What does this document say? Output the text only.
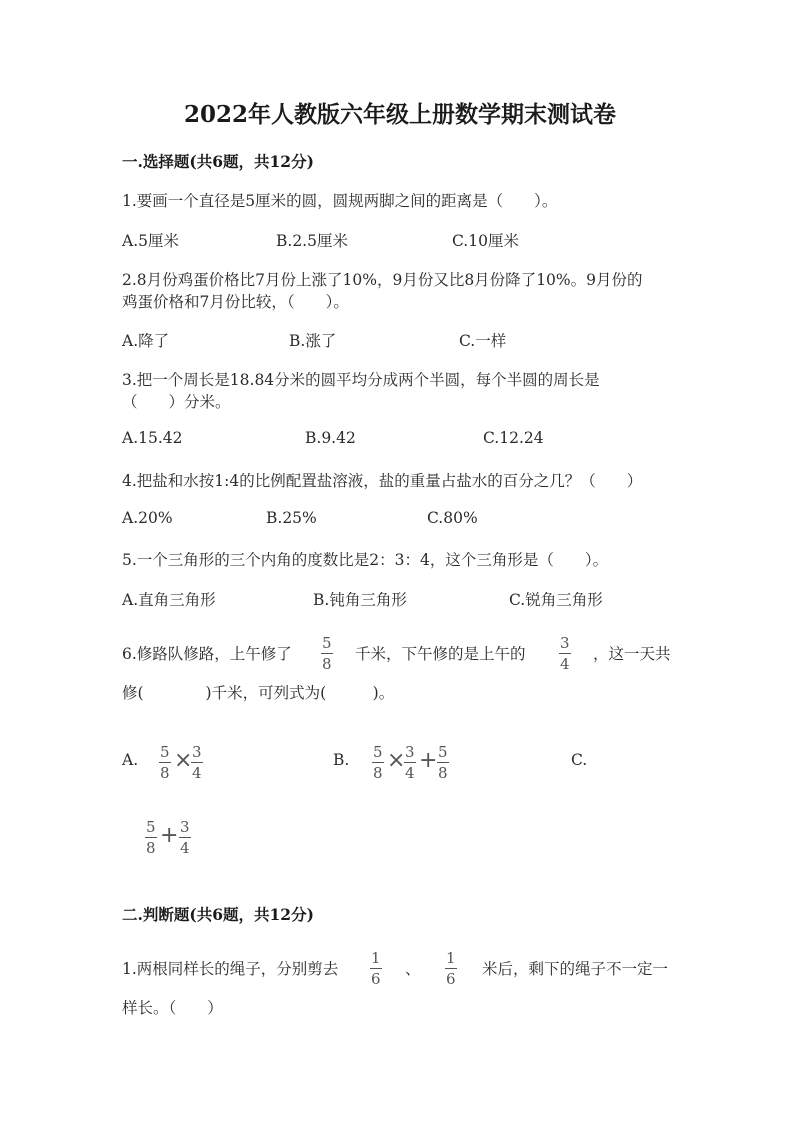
2022年人教版六年级上册数学期末测试卷
一.选择题(共6题，共12分)
1.要画一个直径是5厘米的圆，圆规两脚之间的距离是（　　）。
A.5厘米	B.2.5厘米	C.10厘米
2.8月份鸡蛋价格比7月份上涨了10%，9月份又比8月份降了10%。9月份的
鸡蛋价格和7月份比较，（　　）。
A.降了	B.涨了	C.一样
3.把一个周长是18.84分米的圆平均分成两个半圆，每个半圆的周长是
（　　）分米。
A.15.42	B.9.42	C.12.24
4.把盐和水按1:4的比例配置盐溶液，盐的重量占盐水的百分之几？（　　）
A.20%	B.25%	C.80%
5.一个三角形的三个内角的度数比是2：3：4，这个三角形是（　　）。
A.直角三角形	B.钝角三角形	C.锐角三角形
6.修路队修路，上午修了
5
8
千米，下午修的是上午的
3
4
，这一天共
修(　　　　)千米，可列式为(　　　)。
A. 5
8 × 3
4
B. 5
8 × 3
4 + 5
8
C.
5
8 + 3
4
二.判断题(共6题，共12分)
1.两根同样长的绳子，分别剪去
1
6
、
1
6
米后，剩下的绳子不一定一
样长。（　　）
